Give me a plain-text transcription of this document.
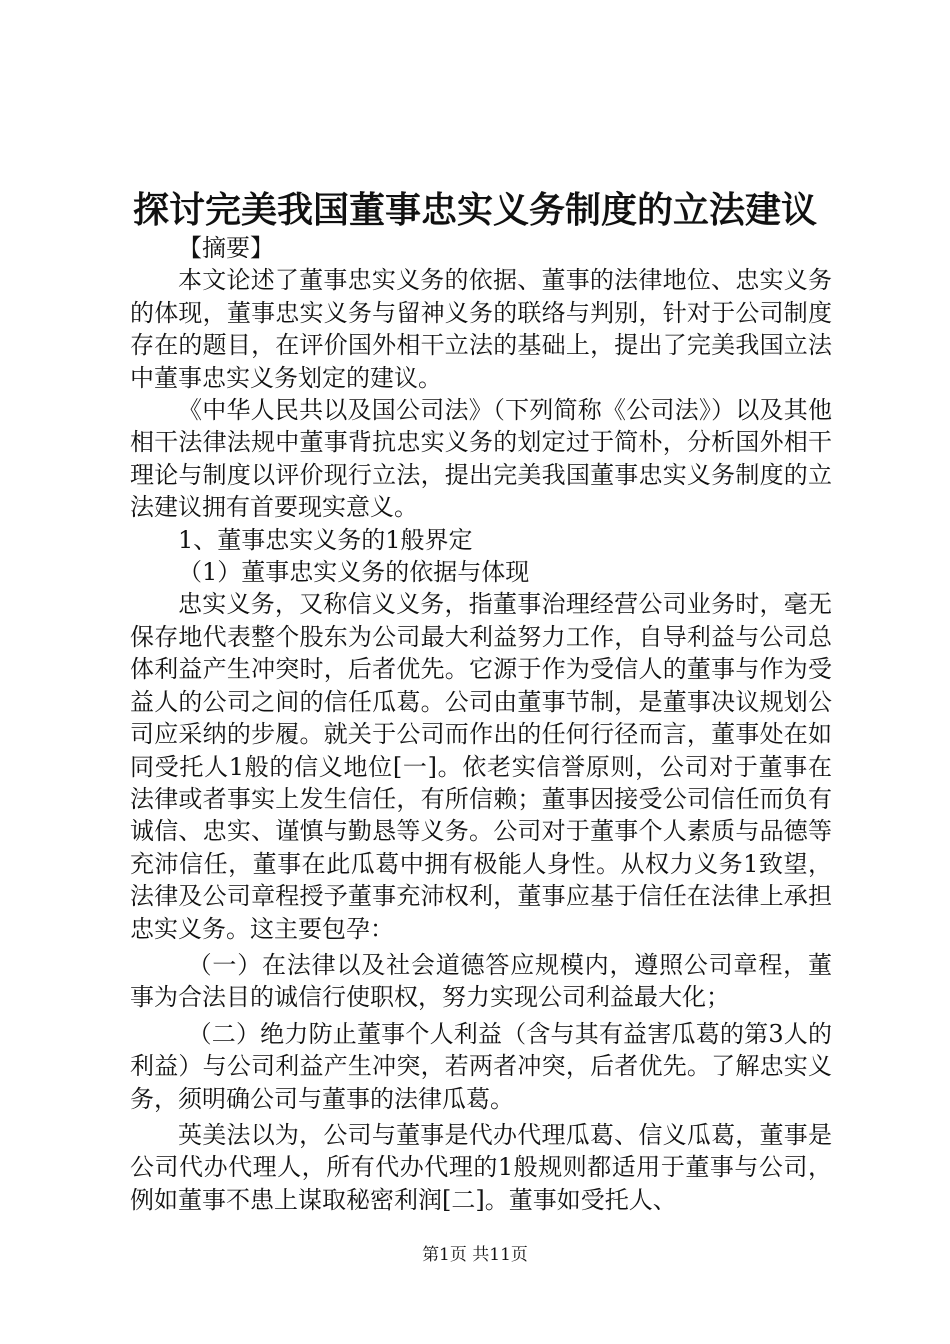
探讨完美我国董事忠实义务制度的立法建议

【摘要】

本文论述了董事忠实义务的依据、董事的法律地位、忠实义务的体现，董事忠实义务与留神义务的联络与判别，针对于公司制度存在的题目，在评价国外相干立法的基础上，提出了完美我国立法中董事忠实义务划定的建议。

《中华人民共以及国公司法》（下列简称《公司法》）以及其他相干法律法规中董事背抗忠实义务的划定过于简朴，分析国外相干理论与制度以评价现行立法，提出完美我国董事忠实义务制度的立法建议拥有首要现实意义。

1、董事忠实义务的1般界定

（1）董事忠实义务的依据与体现

忠实义务，又称信义义务，指董事治理经营公司业务时，毫无保存地代表整个股东为公司最大利益努力工作，自导利益与公司总体利益产生冲突时，后者优先。它源于作为受信人的董事与作为受益人的公司之间的信任瓜葛。公司由董事节制，是董事决议规划公司应采纳的步履。就关于公司而作出的任何行径而言，董事处在如同受托人1般的信义地位[一]。依老实信誉原则，公司对于董事在法律或者事实上发生信任，有所信赖；董事因接受公司信任而负有诚信、忠实、谨慎与勤恳等义务。公司对于董事个人素质与品德等充沛信任，董事在此瓜葛中拥有极能人身性。从权力义务1致望，法律及公司章程授予董事充沛权利，董事应基于信任在法律上承担忠实义务。这主要包孕：

（一）在法律以及社会道德答应规模内，遵照公司章程，董事为合法目的诚信行使职权，努力实现公司利益最大化；

（二）绝力防止董事个人利益（含与其有益害瓜葛的第3人的利益）与公司利益产生冲突，若两者冲突，后者优先。了解忠实义务，须明确公司与董事的法律瓜葛。

英美法以为，公司与董事是代办代理瓜葛、信义瓜葛，董事是公司代办代理人，所有代办代理的1般规则都适用于董事与公司，例如董事不患上谋取秘密利润[二]。董事如受托人、

第1页 共11页
